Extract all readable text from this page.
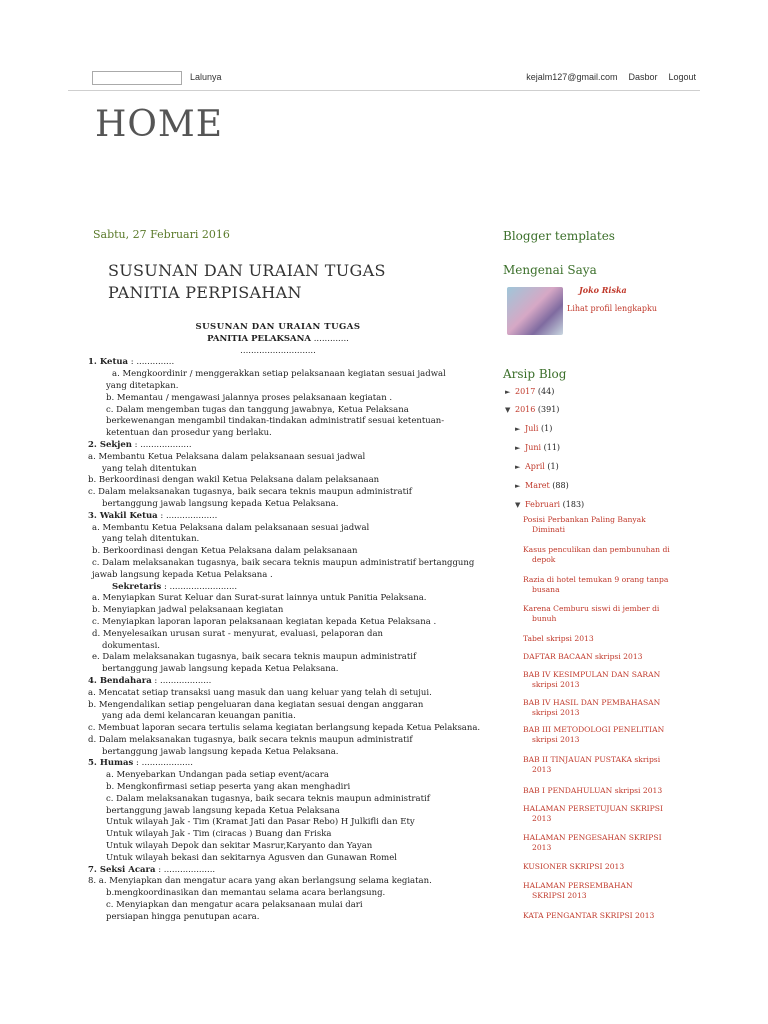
Lalunya	kejalm127@gmail.com Dasbor Logout
HOME
Sabtu, 27 Februari 2016
SUSUNAN DAN URAIAN TUGAS
PANITIA PERPISAHAN
SUSUNAN DAN URAIAN TUGAS
PANITIA PELAKSANA .............
............................
1. Ketua : ..............
a. Mengkoordinir / menggerakkan setiap pelaksanaan kegiatan sesuai jadwal
yang ditetapkan.
b. Memantau / mengawasi jalannya proses pelaksanaan kegiatan .
c. Dalam mengemban tugas dan tanggung jawabnya, Ketua Pelaksana
berkewenangan mengambil tindakan-tindakan administratif sesuai ketentuan-
ketentuan dan prosedur yang berlaku.
2. Sekjen : ...................
a. Membantu Ketua Pelaksana dalam pelaksanaan sesuai jadwal
yang telah ditentukan
b. Berkoordinasi dengan wakil Ketua Pelaksana dalam pelaksanaan
c. Dalam melaksanakan tugasnya, baik secara teknis maupun administratif
bertanggung jawab langsung kepada Ketua Pelaksana.
3. Wakil Ketua : ...................
a. Membantu Ketua Pelaksana dalam pelaksanaan sesuai jadwal
yang telah ditentukan.
b. Berkoordinasi dengan Ketua Pelaksana dalam pelaksanaan
c. Dalam melaksanakan tugasnya, baik secara teknis maupun administratif bertanggung
jawab langsung kepada Ketua Pelaksana .
Sekretaris : .........................
a. Menyiapkan Surat Keluar dan Surat-surat lainnya untuk Panitia Pelaksana.
b. Menyiapkan jadwal pelaksanaan kegiatan
c. Menyiapkan laporan laporan pelaksanaan kegiatan kepada Ketua Pelaksana .
d. Menyelesaikan urusan surat - menyurat, evaluasi, pelaporan dan
dokumentasi.
e. Dalam melaksanakan tugasnya, baik secara teknis maupun administratif
bertanggung jawab langsung kepada Ketua Pelaksana.
4. Bendahara : ...................
a. Mencatat setiap transaksi uang masuk dan uang keluar yang telah di setujui.
b. Mengendalikan setiap pengeluaran dana kegiatan sesuai dengan anggaran
yang ada demi kelancaran keuangan panitia.
c. Membuat laporan secara tertulis selama kegiatan berlangsung kepada Ketua Pelaksana.
d. Dalam melaksanakan tugasnya, baik secara teknis maupun administratif
bertanggung jawab langsung kepada Ketua Pelaksana.
5. Humas : ...................
a. Menyebarkan Undangan pada setiap event/acara
b. Mengkonfirmasi setiap peserta yang akan menghadiri
c. Dalam melaksanakan tugasnya, baik secara teknis maupun administratif
bertanggung jawab langsung kepada Ketua Pelaksana
Untuk wilayah Jak - Tim (Kramat Jati dan Pasar Rebo) H Julkifli dan Ety
Untuk wilayah Jak - Tim (ciracas ) Buang dan Friska
Untuk wilayah Depok dan sekitar Masrur,Karyanto dan Yayan
Untuk wilayah bekasi dan sekitarnya Agusven dan Gunawan Romel
7. Seksi Acara : ...................
8. a. Menyiapkan dan mengatur acara yang akan berlangsung selama kegiatan.
b.mengkoordinasikan dan memantau selama acara berlangsung.
c. Menyiapkan dan mengatur acara pelaksanaan mulai dari
persiapan hingga penutupan acara.
Blogger templates
Mengenai Saya
Joko Riska
Lihat profil lengkapku
Arsip Blog
Posisi Perbankan Paling Banyak
Diminati
Kasus penculikan dan pembunuhan di
depok
Razia di hotel temukan 9 orang tanpa
busana
Karena Cemburu siswi di jember di
bunuh
Tabel skripsi 2013
DAFTAR BACAAN skripsi 2013
BAB IV KESIMPULAN DAN SARAN
skripsi 2013
BAB IV HASIL DAN PEMBAHASAN
skripsi 2013
BAB III METODOLOGI PENELITIAN
skripsi 2013
BAB II TINJAUAN PUSTAKA skripsi
2013
BAB I PENDAHULUAN skripsi 2013
HALAMAN PERSETUJUAN SKRIPSI
2013
HALAMAN PENGESAHAN SKRIPSI
2013
KUSIONER SKRIPSI 2013
HALAMAN PERSEMBAHAN
SKRIPSI 2013
KATA PENGANTAR SKRIPSI 2013
► 2017 (44)
▼ 2016 (391)
► Juli (1)
► Juni (11)
► April (1)
► Maret (88)
▼ Februari (183)
